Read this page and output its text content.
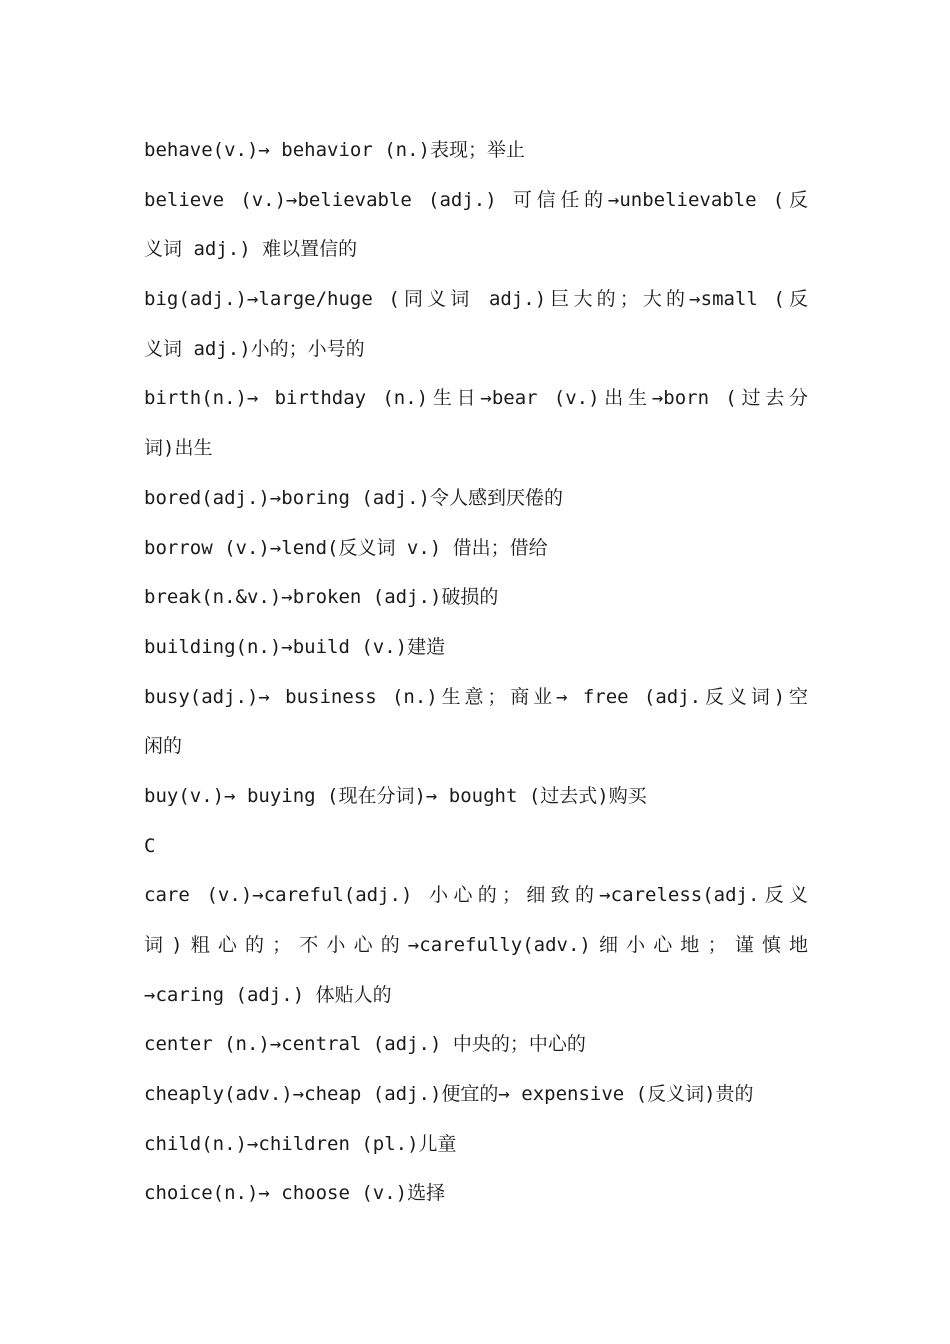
behave(v.)→ behavior (n.)表现；举止
believe (v.)→believable (adj.) 可信任的→unbelievable (反
义词 adj.) 难以置信的
big(adj.)→large/huge (同义词 adj.)巨大的；大的→small (反
义词 adj.)小的；小号的
birth(n.)→ birthday (n.)生日→bear (v.)出生→born (过去分
词)出生
bored(adj.)→boring (adj.)令人感到厌倦的
borrow (v.)→lend(反义词 v.) 借出；借给
break(n.&v.)→broken (adj.)破损的
building(n.)→build (v.)建造
busy(adj.)→ business (n.)生意；商业→ free (adj.反义词)空
闲的
buy(v.)→ buying (现在分词)→ bought (过去式)购买
C
care (v.)→careful(adj.) 小心的；细致的→careless(adj.反义
词)粗心的；不小心的→carefully(adv.)细小心地；谨慎地
→caring (adj.) 体贴人的
center (n.)→central (adj.) 中央的；中心的
cheaply(adv.)→cheap (adj.)便宜的→ expensive (反义词)贵的
child(n.)→children (pl.)儿童
choice(n.)→ choose (v.)选择
